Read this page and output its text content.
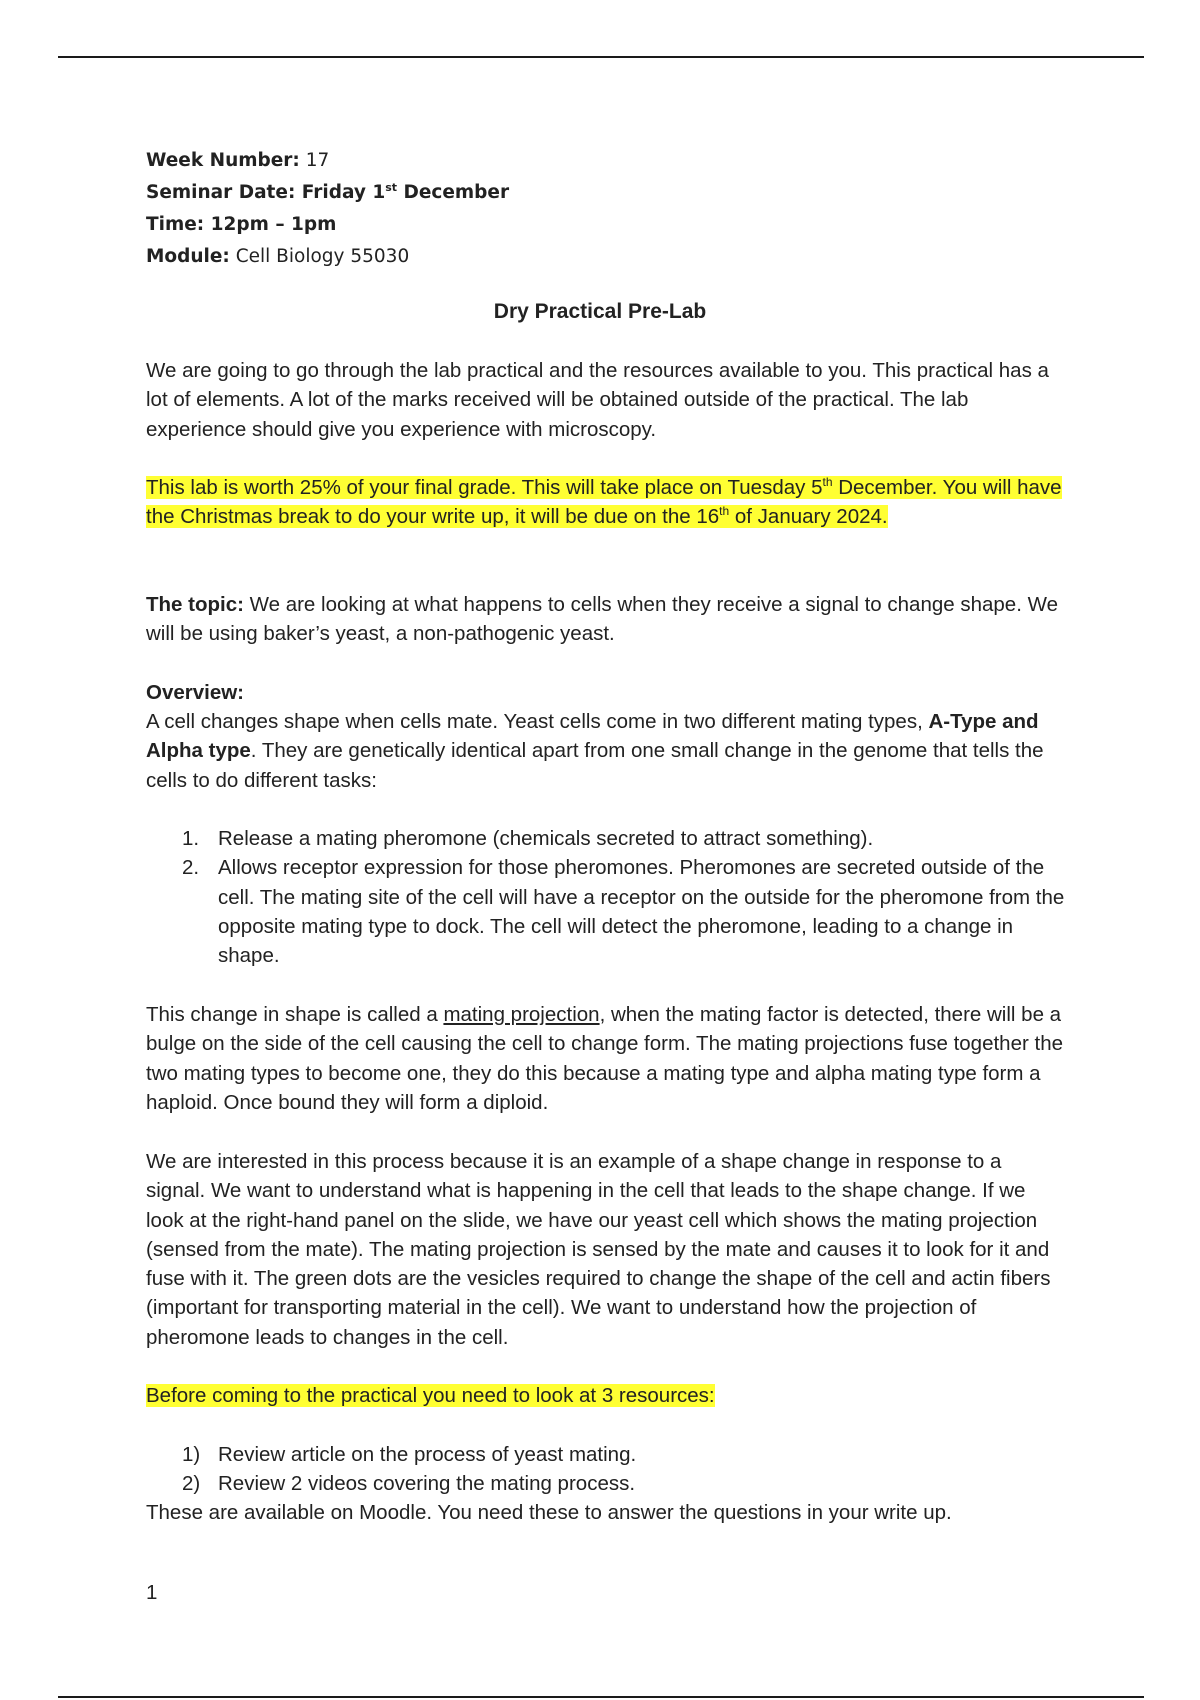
Week Number: 17
Seminar Date: Friday 1st December
Time: 12pm – 1pm
Module: Cell Biology 55030
Dry Practical Pre-Lab

We are going to go through the lab practical and the resources available to you. This practical has a lot of elements. A lot of the marks received will be obtained outside of the practical. The lab experience should give you experience with microscopy.

This lab is worth 25% of your final grade. This will take place on Tuesday 5th December. You will have the Christmas break to do your write up, it will be due on the 16th of January 2024.

The topic: We are looking at what happens to cells when they receive a signal to change shape. We will be using baker’s yeast, a non-pathogenic yeast.

Overview:

A cell changes shape when cells mate. Yeast cells come in two different mating types, A-Type and Alpha type. They are genetically identical apart from one small change in the genome that tells the cells to do different tasks:

1. Release a mating pheromone (chemicals secreted to attract something).
2. Allows receptor expression for those pheromones. Pheromones are secreted outside of the cell. The mating site of the cell will have a receptor on the outside for the pheromone from the opposite mating type to dock. The cell will detect the pheromone, leading to a change in shape.

This change in shape is called a mating projection, when the mating factor is detected, there will be a bulge on the side of the cell causing the cell to change form. The mating projections fuse together the two mating types to become one, they do this because a mating type and alpha mating type form a haploid. Once bound they will form a diploid.

We are interested in this process because it is an example of a shape change in response to a signal. We want to understand what is happening in the cell that leads to the shape change. If we look at the right-hand panel on the slide, we have our yeast cell which shows the mating projection (sensed from the mate). The mating projection is sensed by the mate and causes it to look for it and fuse with it. The green dots are the vesicles required to change the shape of the cell and actin fibers (important for transporting material in the cell). We want to understand how the projection of pheromone leads to changes in the cell.

Before coming to the practical you need to look at 3 resources:

1) Review article on the process of yeast mating.
2) Review 2 videos covering the mating process.

These are available on Moodle. You need these to answer the questions in your write up.

1
